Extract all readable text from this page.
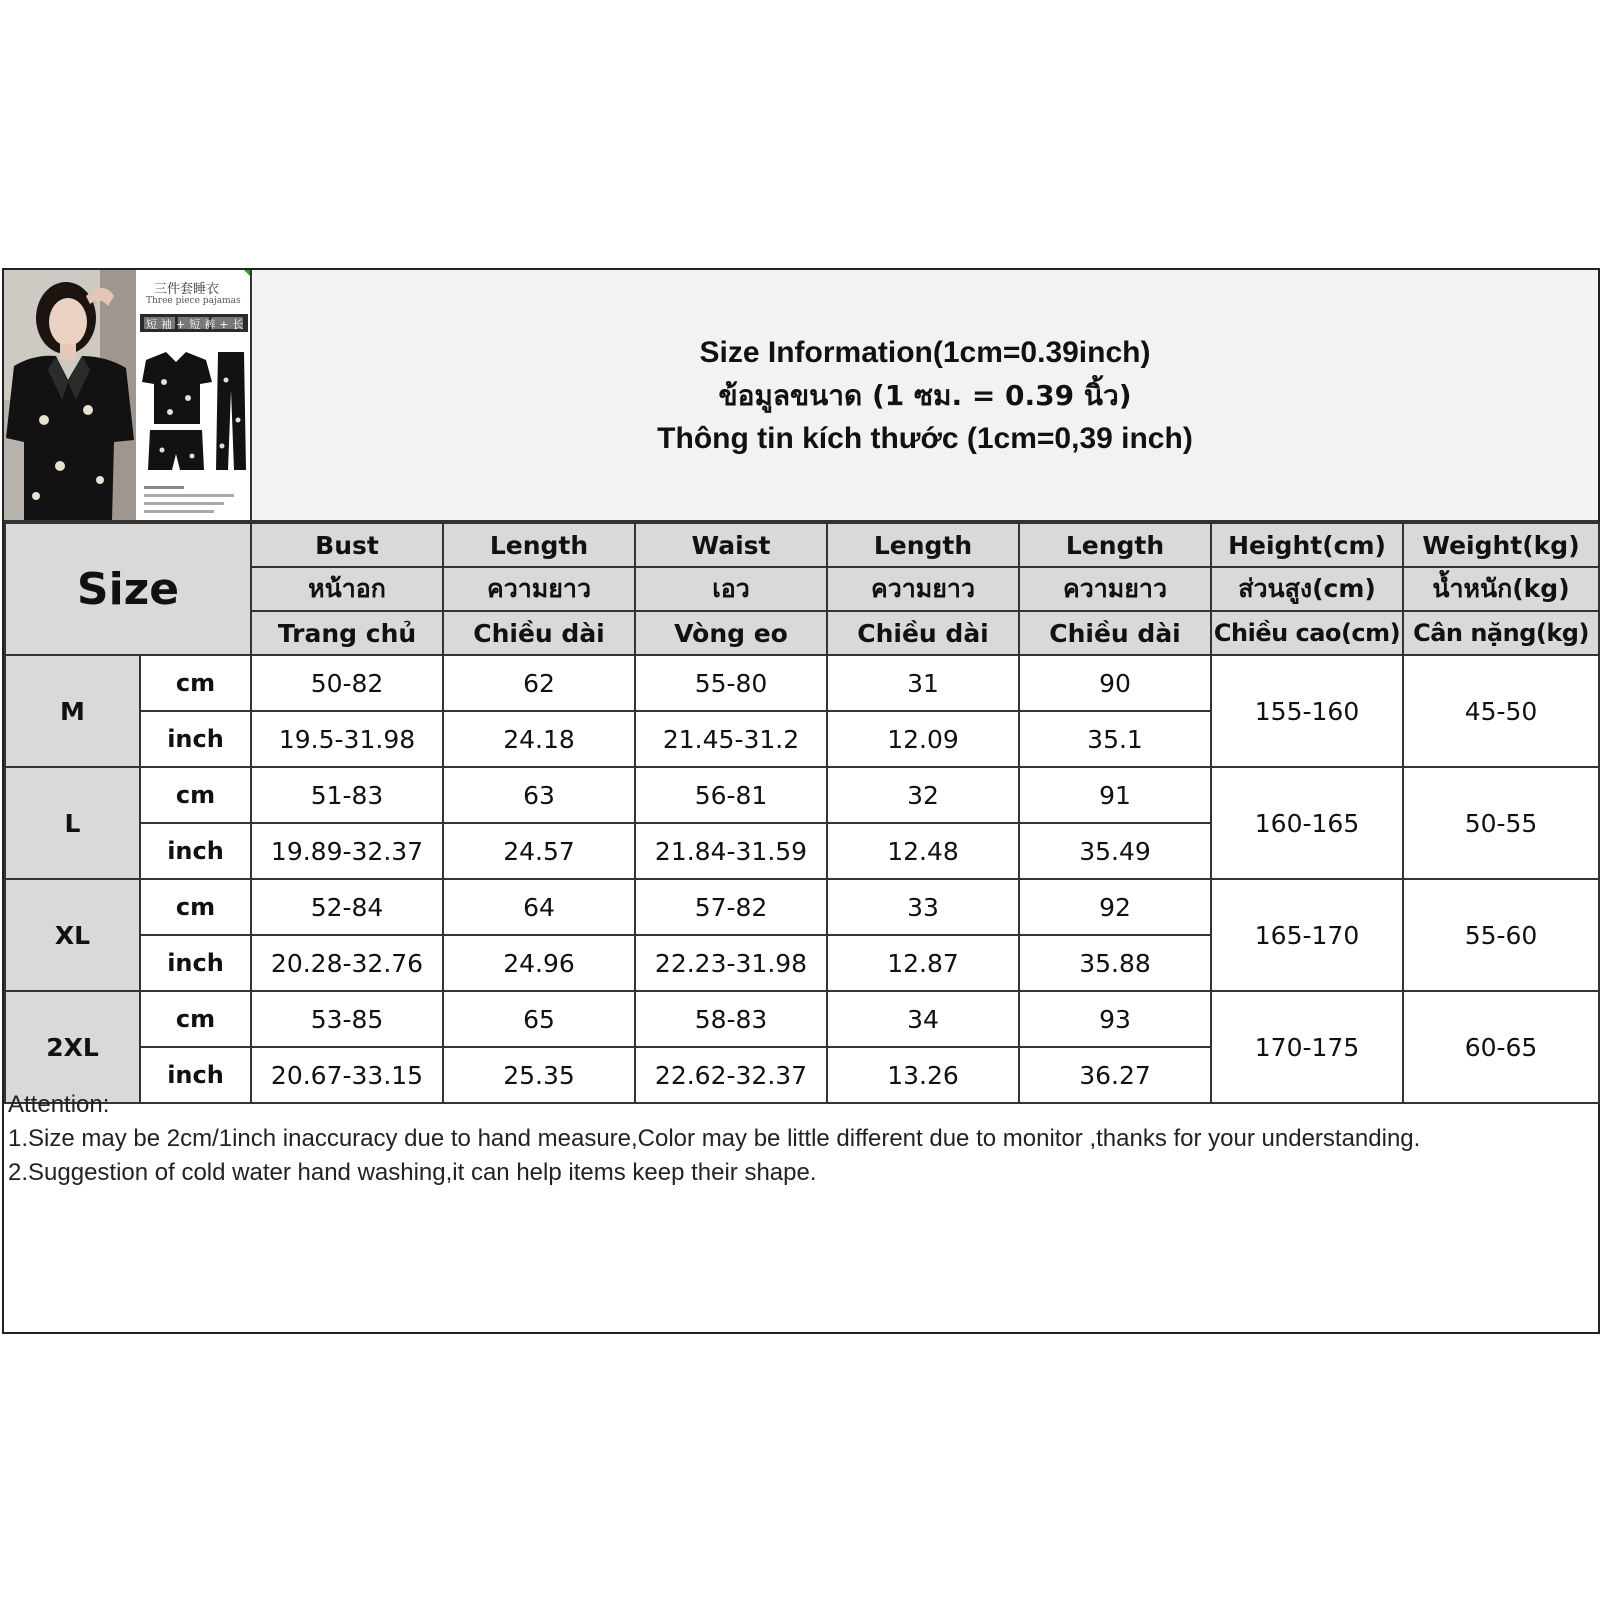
三件套睡衣
Three piece pajamas
短袖+短裤+长裤	Size Information(1cm=0.39inch)
ข้อมูลขนาด (1 ซม. = 0.39 นิ้ว)
Thông tin kích thước (1cm=0,39 inch)
Size		Bust	Length	Waist	Length	Length	Height(cm)	Weight(kg)
		หน้าอก	ความยาว	เอว	ความยาว	ความยาว	ส่วนสูง(cm)	น้ำหนัก(kg)
		Trang chủ	Chiều dài	Vòng eo	Chiều dài	Chiều dài	Chiều cao(cm)	Cân nặng(kg)
M	cm	50-82	62	55-80	31	90	155-160	45-50
	inch	19.5-31.98	24.18	21.45-31.2	12.09	35.1		
L	cm	51-83	63	56-81	32	91	160-165	50-55
	inch	19.89-32.37	24.57	21.84-31.59	12.48	35.49		
XL	cm	52-84	64	57-82	33	92	165-170	55-60
	inch	20.28-32.76	24.96	22.23-31.98	12.87	35.88		
2XL	cm	53-85	65	58-83	34	93	170-175	60-65
	inch	20.67-33.15	25.35	22.62-32.37	13.26	36.27		
Attention:
1.Size may be 2cm/1inch inaccuracy due to hand measure,Color may be little different due to monitor ,thanks for your understanding.
2.Suggestion of cold water hand washing,it can help items keep their shape.
